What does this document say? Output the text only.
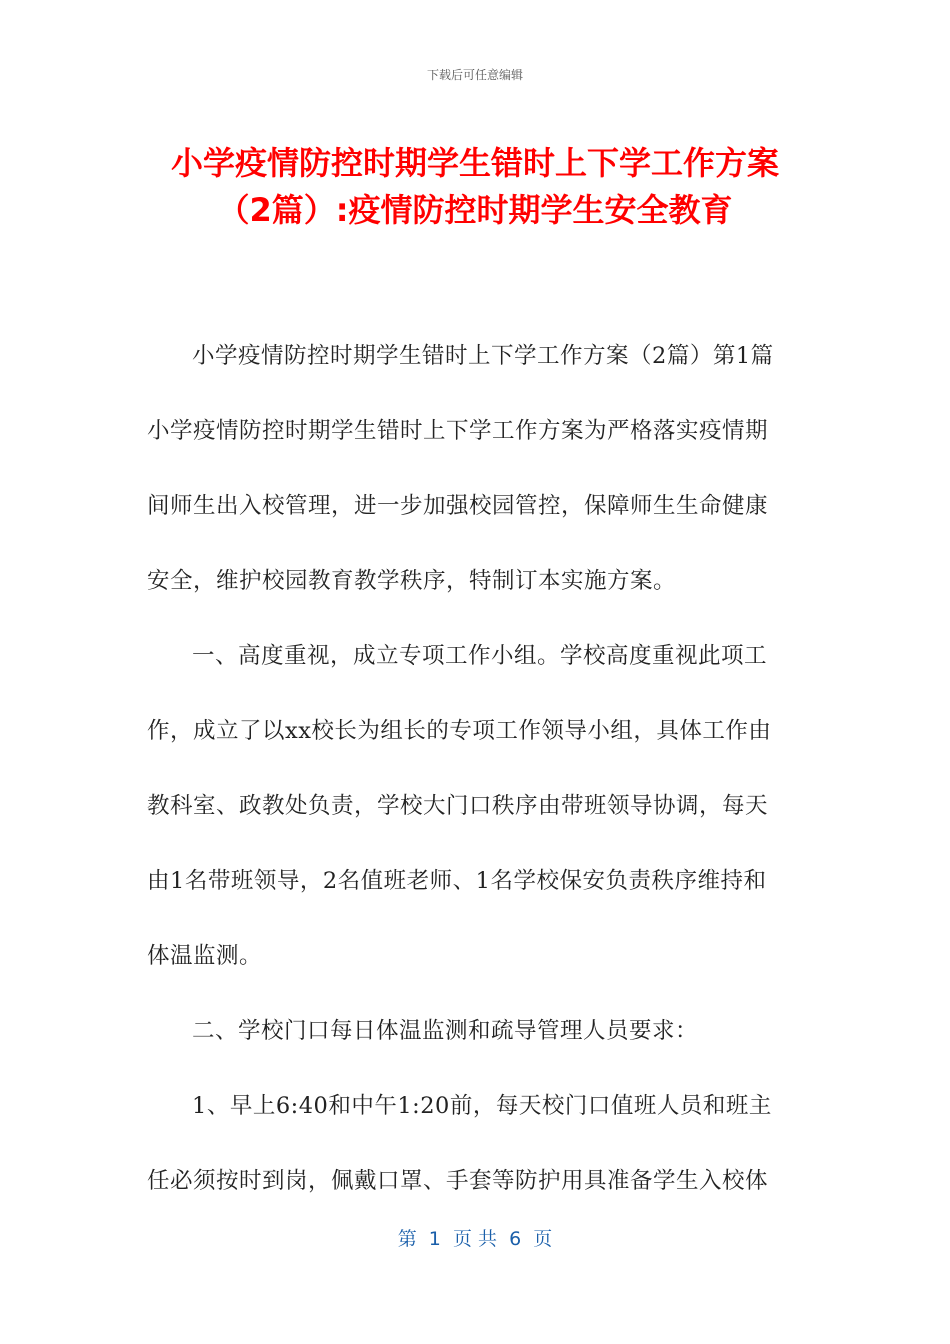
下载后可任意编辑
小学疫情防控时期学生错时上下学工作方案
（2篇）:疫情防控时期学生安全教育
小学疫情防控时期学生错时上下学工作方案（2篇）第1篇
小学疫情防控时期学生错时上下学工作方案为严格落实疫情期
间师生出入校管理，进一步加强校园管控，保障师生生命健康
安全，维护校园教育教学秩序，特制订本实施方案。
一、高度重视，成立专项工作小组。学校高度重视此项工
作，成立了以xx校长为组长的专项工作领导小组，具体工作由
教科室、政教处负责，学校大门口秩序由带班领导协调，每天
由1名带班领导，2名值班老师、1名学校保安负责秩序维持和
体温监测。
二、学校门口每日体温监测和疏导管理人员要求：
1、早上6:40和中午1:20前，每天校门口值班人员和班主
任必须按时到岗，佩戴口罩、手套等防护用具准备学生入校体
第  1  页 共  6  页
